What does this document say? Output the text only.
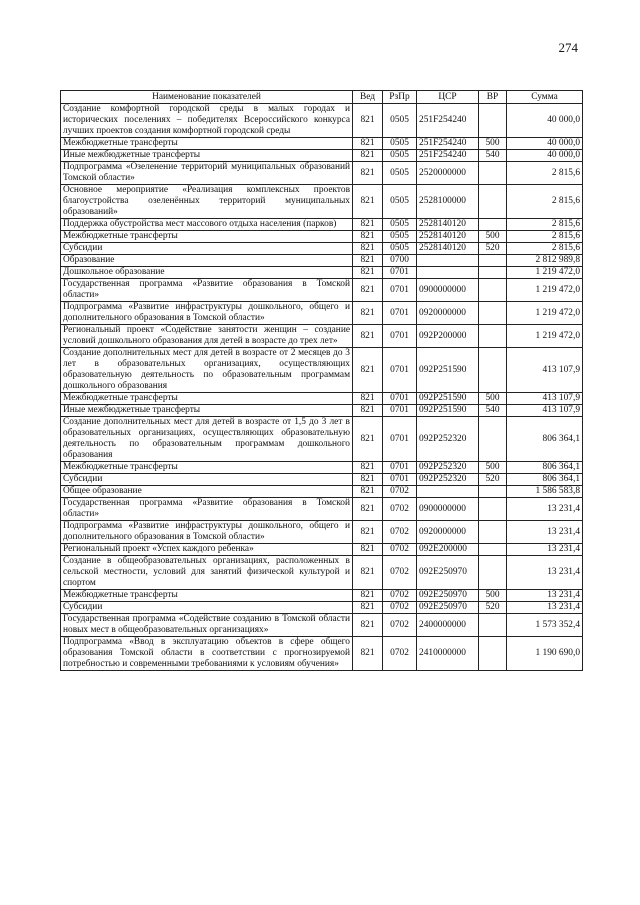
274
Наименование показателей	Вед	РзПр	ЦСР	ВР	Сумма
Создание комфортной городской среды в малых городах и исторических поселениях – победителях Всероссийского конкурса лучших проектов создания комфортной городской среды	821	0505	251F254240		40 000,0
Межбюджетные трансферты	821	0505	251F254240	500	40 000,0
Иные межбюджетные трансферты	821	0505	251F254240	540	40 000,0
Подпрограмма «Озеленение территорий муниципальных образований Томской области»	821	0505	2520000000		2 815,6
Основное мероприятие «Реализация комплексных проектов благоустройства озеленённых территорий муниципальных образований»	821	0505	2528100000		2 815,6
Поддержка обустройства мест массового отдыха населения (парков)	821	0505	2528140120		2 815,6
Межбюджетные трансферты	821	0505	2528140120	500	2 815,6
Субсидии	821	0505	2528140120	520	2 815,6
Образование	821	0700			2 812 989,8
Дошкольное образование	821	0701			1 219 472,0
Государственная программа «Развитие образования в Томской области»	821	0701	0900000000		1 219 472,0
Подпрограмма «Развитие инфраструктуры дошкольного, общего и дополнительного образования в Томской области»	821	0701	0920000000		1 219 472,0
Региональный проект «Содействие занятости женщин – создание условий дошкольного образования для детей в возрасте до трех лет»	821	0701	092P200000		1 219 472,0
Создание дополнительных мест для детей в возрасте от 2 месяцев до 3 лет в образовательных организациях, осуществляющих образовательную деятельность по образовательным программам дошкольного образования	821	0701	092P251590		413 107,9
Межбюджетные трансферты	821	0701	092P251590	500	413 107,9
Иные межбюджетные трансферты	821	0701	092P251590	540	413 107,9
Создание дополнительных мест для детей в возрасте от 1,5 до 3 лет в образовательных организациях, осуществляющих образовательную деятельность по образовательным программам дошкольного образования	821	0701	092P252320		806 364,1
Межбюджетные трансферты	821	0701	092P252320	500	806 364,1
Субсидии	821	0701	092P252320	520	806 364,1
Общее образование	821	0702			1 586 583,8
Государственная программа «Развитие образования в Томской области»	821	0702	0900000000		13 231,4
Подпрограмма «Развитие инфраструктуры дошкольного, общего и дополнительного образования в Томской области»	821	0702	0920000000		13 231,4
Региональный проект «Успех каждого ребенка»	821	0702	092E200000		13 231,4
Создание в общеобразовательных организациях, расположенных в сельской местности, условий для занятий физической культурой и спортом	821	0702	092E250970		13 231,4
Межбюджетные трансферты	821	0702	092E250970	500	13 231,4
Субсидии	821	0702	092E250970	520	13 231,4
Государственная программа «Содействие созданию в Томской области новых мест в общеобразовательных организациях»	821	0702	2400000000		1 573 352,4
Подпрограмма «Ввод в эксплуатацию объектов в сфере общего образования Томской области в соответствии с прогнозируемой потребностью и современными требованиями к условиям обучения»	821	0702	2410000000		1 190 690,0
